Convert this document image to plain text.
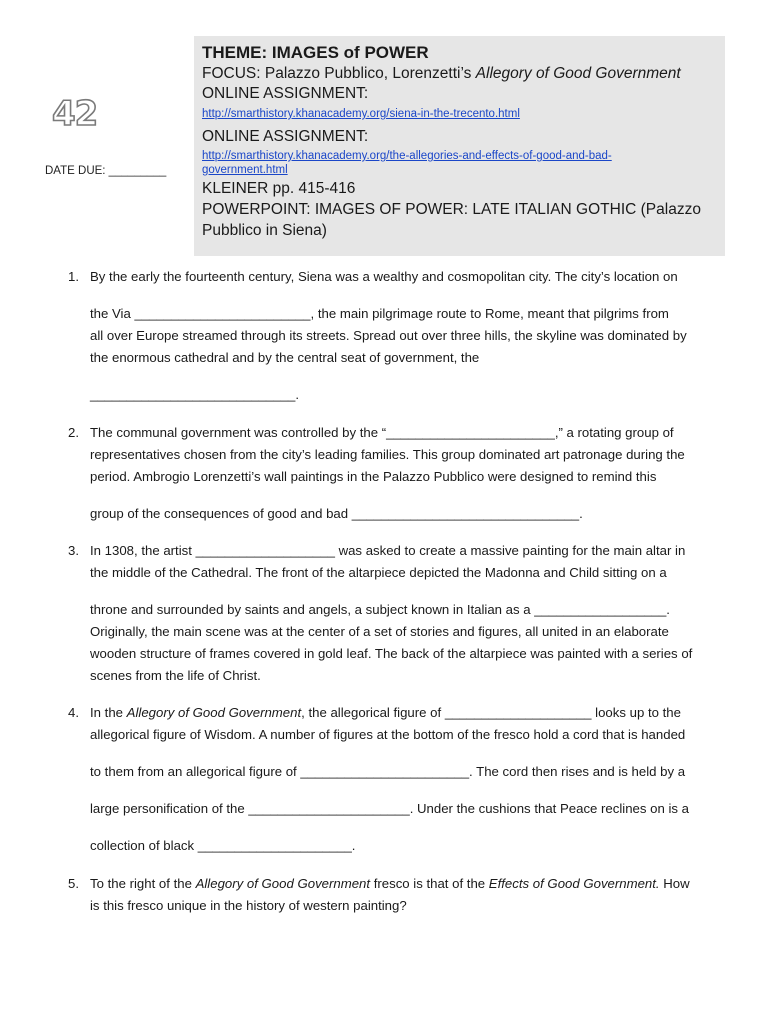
42
DATE DUE: _________
THEME: IMAGES of POWER
FOCUS: Palazzo Pubblico, Lorenzetti’s Allegory of Good Government
ONLINE ASSIGNMENT:
http://smarthistory.khanacademy.org/siena-in-the-trecento.html
ONLINE ASSIGNMENT:
http://smarthistory.khanacademy.org/the-allegories-and-effects-of-good-and-bad-
government.html
KLEINER pp. 415-416
POWERPOINT: IMAGES OF POWER: LATE ITALIAN GOTHIC (Palazzo
Pubblico in Siena)
1. By the early the fourteenth century, Siena was a wealthy and cosmopolitan city. The city’s location on

the Via ________________________, the main pilgrimage route to Rome, meant that pilgrims from

all over Europe streamed through its streets. Spread out over three hills, the skyline was dominated by

the enormous cathedral and by the central seat of government, the

____________________________.

2. The communal government was controlled by the “_______________________,” a rotating group of

representatives chosen from the city’s leading families. This group dominated art patronage during the

period. Ambrogio Lorenzetti’s wall paintings in the Palazzo Pubblico were designed to remind this

group of the consequences of good and bad _______________________________.

3. In 1308, the artist ___________________ was asked to create a massive painting for the main altar in

the middle of the Cathedral. The front of the altarpiece depicted the Madonna and Child sitting on a

throne and surrounded by saints and angels, a subject known in Italian as a __________________.

Originally, the main scene was at the center of a set of stories and figures, all united in an elaborate

wooden structure of frames covered in gold leaf. The back of the altarpiece was painted with a series of

scenes from the life of Christ.

4. In the Allegory of Good Government, the allegorical figure of ____________________ looks up to the

allegorical figure of Wisdom. A number of figures at the bottom of the fresco hold a cord that is handed

to them from an allegorical figure of _______________________. The cord then rises and is held by a

large personification of the ______________________. Under the cushions that Peace reclines on is a

collection of black _____________________.

5. To the right of the Allegory of Good Government fresco is that of the Effects of Good Government. How

is this fresco unique in the history of western painting?
